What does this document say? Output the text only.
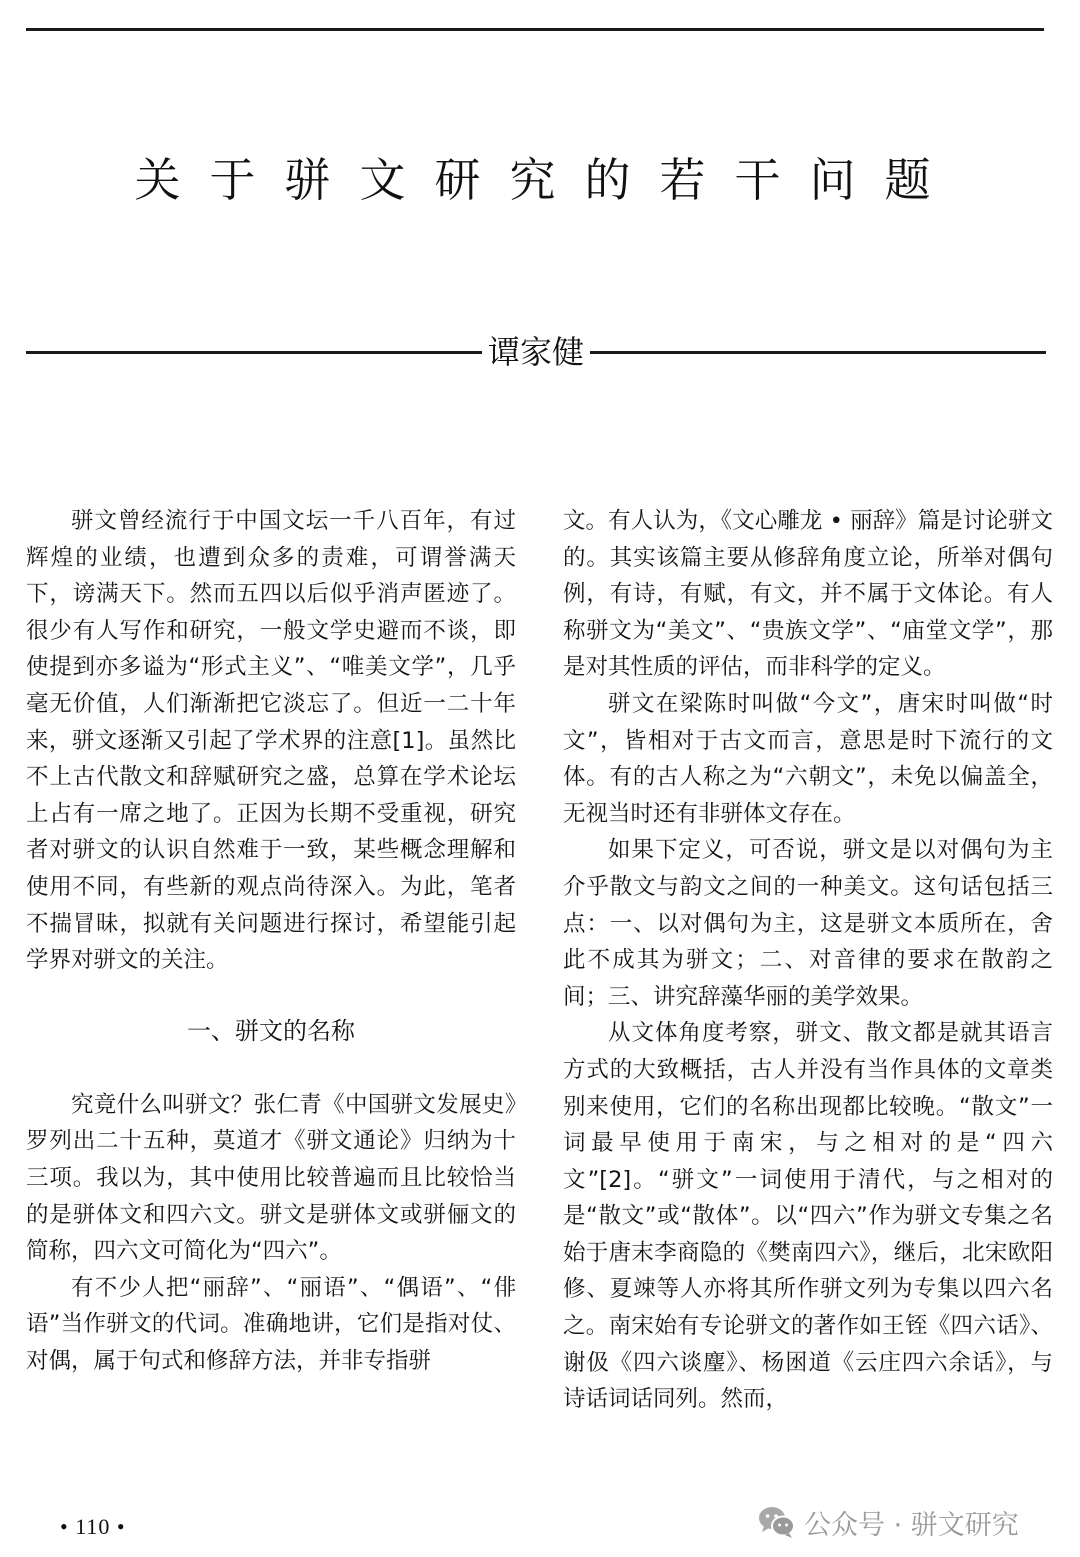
关于骈文研究的若干问题
谭家健

骈文曾经流行于中国文坛一千八百年，有过辉煌的业绩，也遭到众多的责难，可谓誉满天下，谤满天下。然而五四以后似乎消声匿迹了。很少有人写作和研究，一般文学史避而不谈，即使提到亦多谥为“形式主义”、“唯美文学”，几乎毫无价值，人们渐渐把它淡忘了。但近一二十年来，骈文逐渐又引起了学术界的注意[1]。虽然比不上古代散文和辞赋研究之盛，总算在学术论坛上占有一席之地了。正因为长期不受重视，研究者对骈文的认识自然难于一致，某些概念理解和使用不同，有些新的观点尚待深入。为此，笔者不揣冒昧，拟就有关问题进行探讨，希望能引起学界对骈文的关注。

一、骈文的名称

究竟什么叫骈文？张仁青《中国骈文发展史》罗列出二十五种，莫道才《骈文通论》归纳为十三项。我以为，其中使用比较普遍而且比较恰当的是骈体文和四六文。骈文是骈体文或骈俪文的简称，四六文可简化为“四六”。

有不少人把“丽辞”、“丽语”、“偶语”、“俳语”当作骈文的代词。准确地讲，它们是指对仗、对偶，属于句式和修辞方法，并非专指骈

文。有人认为，《文心雕龙 • 丽辞》篇是讨论骈文的。其实该篇主要从修辞角度立论，所举对偶句例，有诗，有赋，有文，并不属于文体论。有人称骈文为“美文”、“贵族文学”、“庙堂文学”，那是对其性质的评估，而非科学的定义。

骈文在梁陈时叫做“今文”，唐宋时叫做“时文”，皆相对于古文而言，意思是时下流行的文体。有的古人称之为“六朝文”，未免以偏盖全，无视当时还有非骈体文存在。

如果下定义，可否说，骈文是以对偶句为主介乎散文与韵文之间的一种美文。这句话包括三点：一、以对偶句为主，这是骈文本质所在，舍此不成其为骈文；二、对音律的要求在散韵之间；三、讲究辞藻华丽的美学效果。

从文体角度考察，骈文、散文都是就其语言方式的大致概括，古人并没有当作具体的文章类别来使用，它们的名称出现都比较晚。“散文”一词最早使用于南宋，与之相对的是“四六文”[2]。“骈文”一词使用于清代，与之相对的是“散文”或“散体”。以“四六”作为骈文专集之名始于唐末李商隐的《樊南四六》，继后，北宋欧阳修、夏竦等人亦将其所作骈文列为专集以四六名之。南宋始有专论骈文的著作如王铚《四六话》、谢伋《四六谈麈》、杨囦道《云庄四六余话》，与诗话词话同列。然而，

• 110 •	公众号 · 骈文研究
